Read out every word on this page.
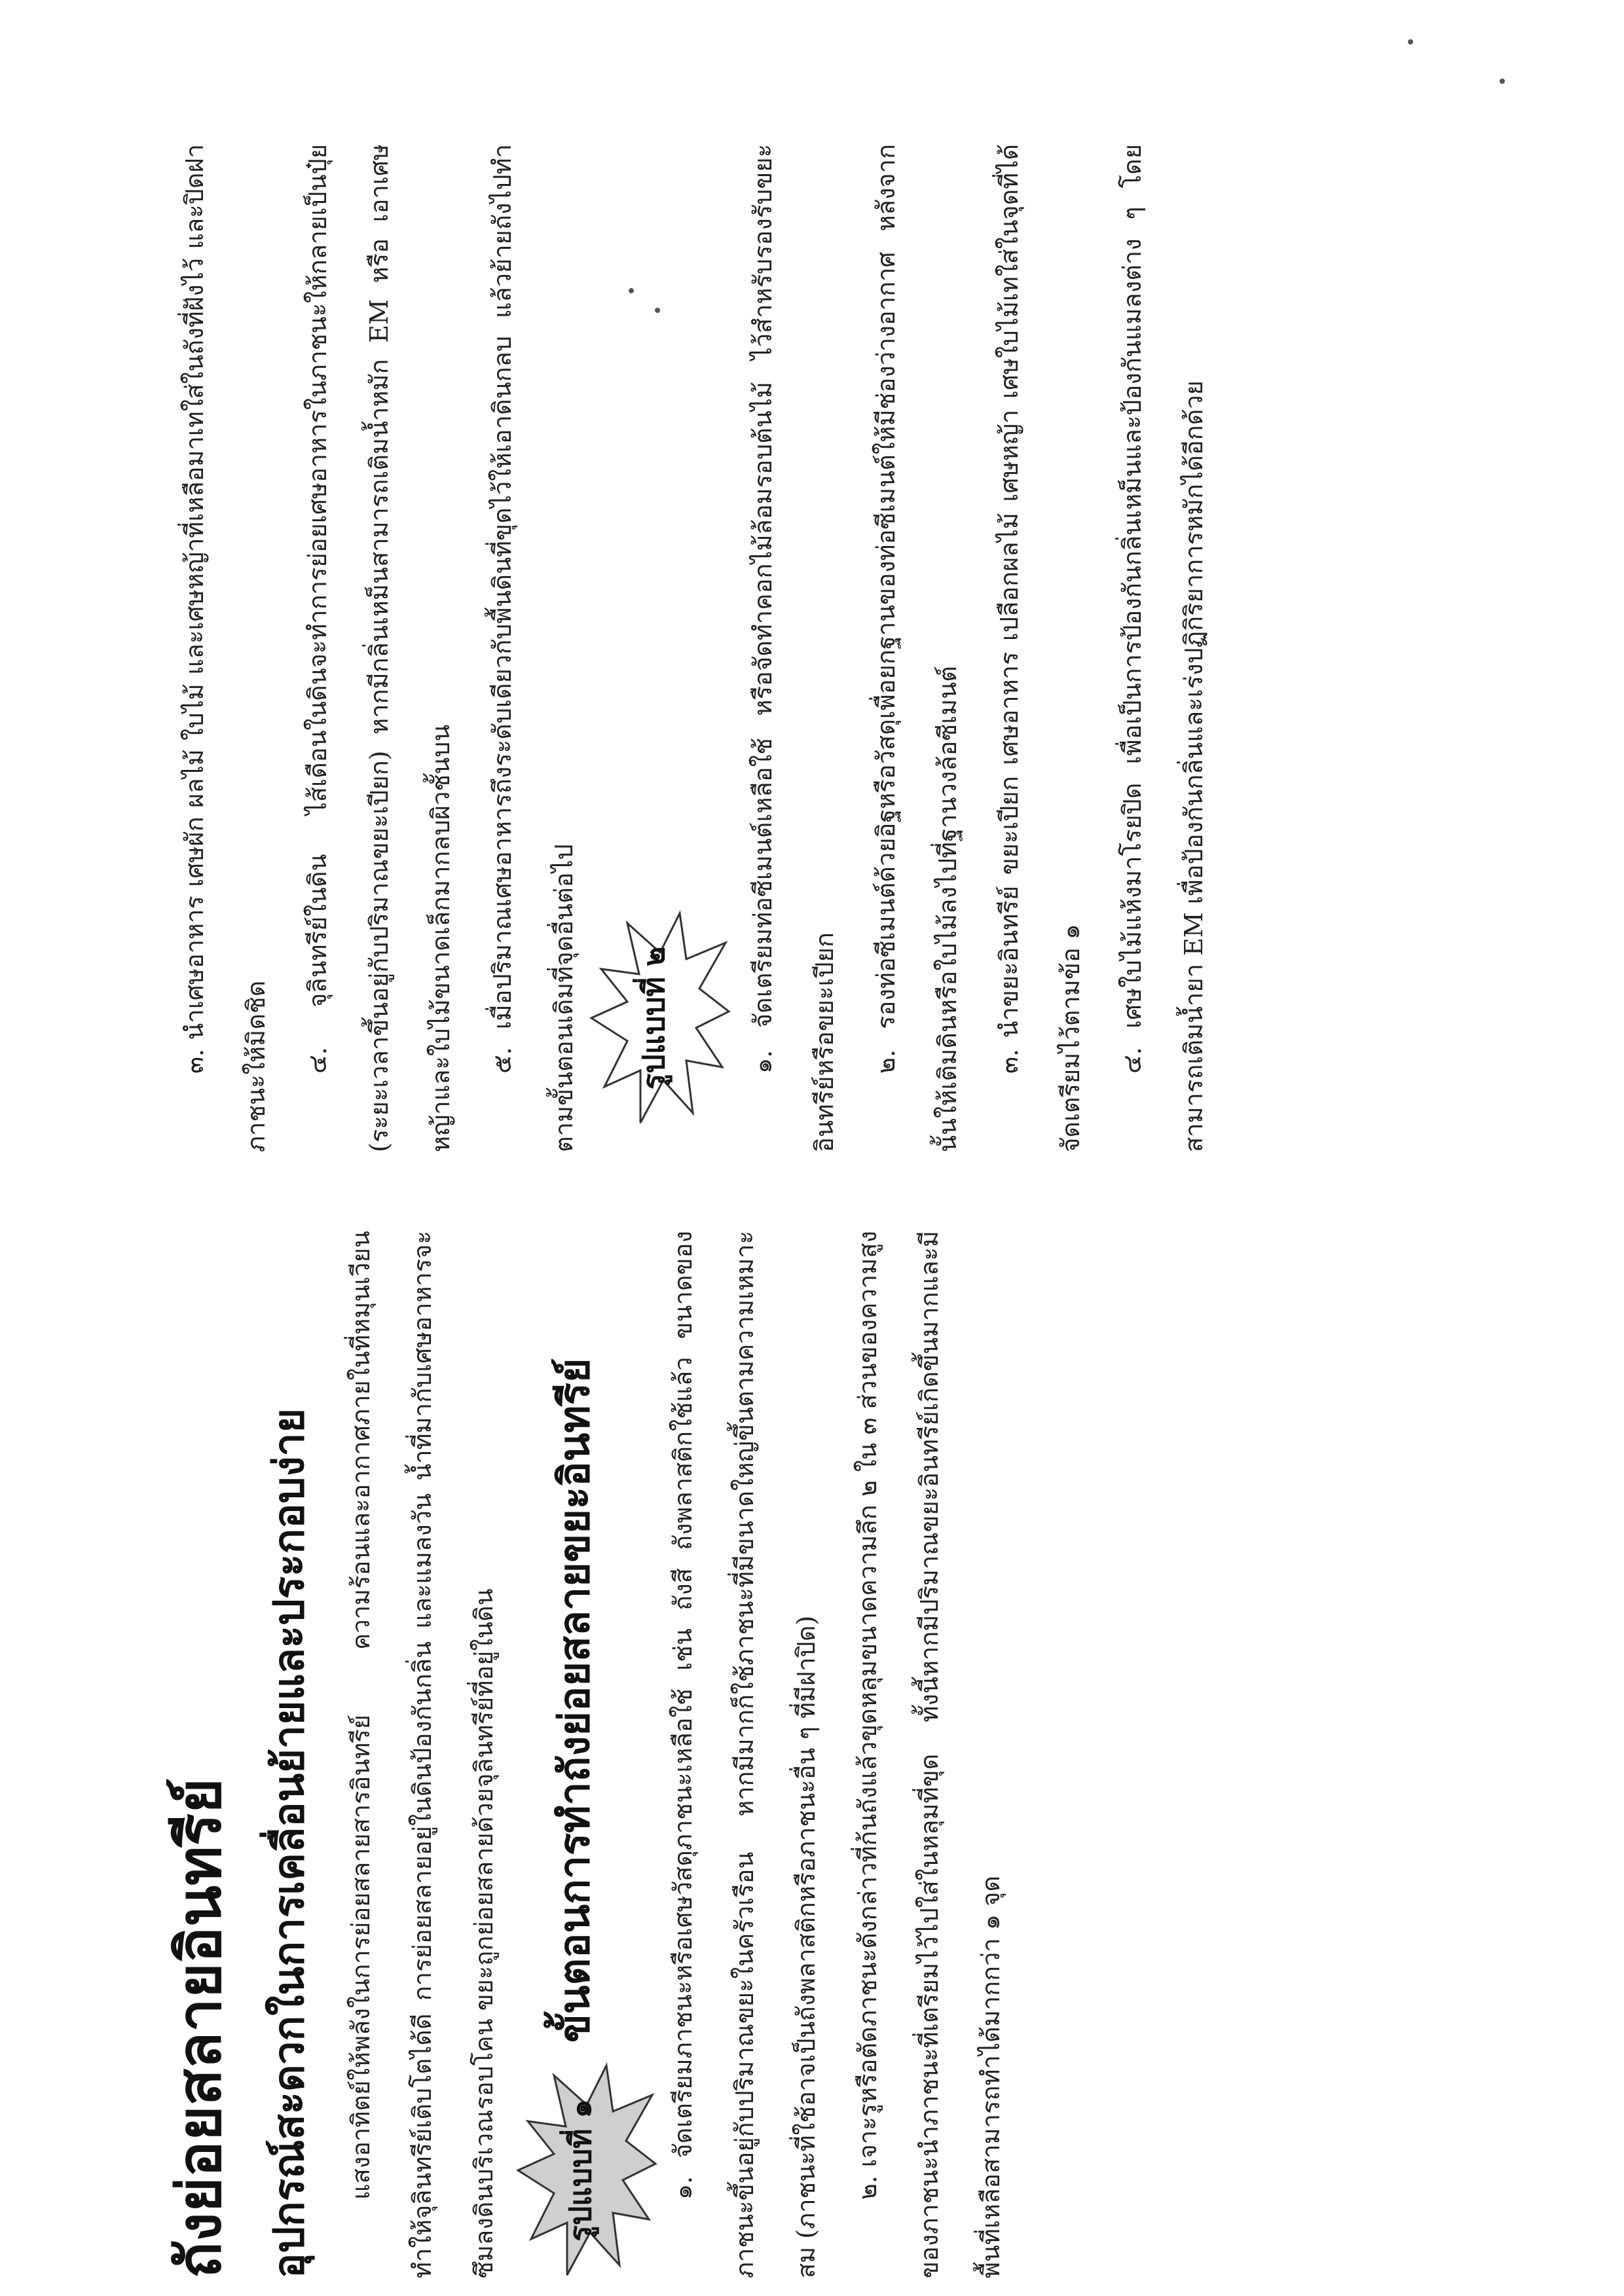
ถังย่อยสลายอินทรีย์ อุปกรณ์สะดวกในการเคลื่อนย้ายและประกอบง่าย	แสงอาทิตย์ให้พลังในการย่อยสลายสารอินทรีย์ ความร้อนและอากาศภายในที่หมุนเวียน ทำให้จุลินทรีย์เติบโตได้ดี การย่อยสลายอยู่ในดินป้องกันกลิ่น และแมลงวัน น้ำที่มากับเศษอาหารจะซึมลงดินบริเวณรอบโคน ขยะถูกย่อยสลายด้วยจุลินทรีย์ที่อยู่ในดิน	รูปแบบที่ ๑
ขั้นตอนการทำถังย่อยสลายขยะอินทรีย์	๑. จัดเตรียมภาชนะหรือเศษวัสดุภาชนะเหลือใช้ เช่น ถังสี ถังพลาสติกใช้แล้ว ขนาดของภาชนะขึ้นอยู่กับปริมาณขยะในครัวเรือน หากมีมากก็ใช้ภาชนะที่มีขนาดใหญ่ขึ้นตามความเหมาะสม (ภาชนะที่ใช้อาจเป็นถังพลาสติกหรือภาชนะอื่น ๆ ที่มีฝาปิด)	๒. เจาะรูหรือตัดภาชนะดังกล่าวที่ก้นถังแล้วขุดหลุมขนาดความลึก ๒ ใน ๓ ส่วนของความสูงของภาชนะนำภาชนะที่เตรียมไว้ไปใส่ในหลุมที่ขุด ทั้งนี้หากมีปริมาณขยะอินทรีย์เกิดขึ้นมากและมีพื้นที่เหลือสามารถทำได้มากกว่า ๑ จุด

๓. นำเศษอาหาร เศษผัก ผลไม้ ใบไม้ และเศษหญ้าที่เหลือมาเทใส่ในถังที่ฝังไว้ และปิดฝาภาชนะให้มิดชิด	๔. จุลินทรีย์ในดิน ไส้เดือนในดินจะทำการย่อยเศษอาหารในภาชนะให้กลายเป็นปุ๋ย (ระยะเวลาขึ้นอยู่กับปริมาณขยะเปียก) หากมีกลิ่นเหม็นสามารถเติมน้ำหมัก EM หรือ เอาเศษหญ้าและใบไม้ขนาดเล็กมากลบผิวชั้นบน	๕. เมื่อปริมาณเศษอาหารถึงระดับเดียวกับพื้นดินที่ขุดไว้ให้เอาดินกลบ แล้วย้ายถังไปทำตามขั้นตอนเดิมที่จุดอื่นต่อไป	รูปแบบที่ ๒	๑. จัดเตรียมท่อซีเมนต์เหลือใช้ หรือจัดทำคอกไม้ล้อมรอบต้นไม้ ไว้สำหรับรองรับขยะอินทรีย์หรือขยะเปียก	๒. รองท่อซีเมนต์ด้วยอิฐหรือวัสดุเพื่อยกฐานของท่อซีเมนต์ให้มีช่องว่างอากาศ หลังจากนั้นให้เติมดินหรือใบไม้ลงไปที่ฐานวงล้อซีเมนต์	๓. นำขยะอินทรีย์ ขยะเปียก เศษอาหาร เปลือกผลไม้ เศษหญ้า เศษใบไม้เทใส่ในจุดที่ได้จัดเตรียมไว้ตามข้อ ๑	๔. เศษใบไม้แห้งมาโรยปิด เพื่อเป็นการป้องกันกลิ่นเหม็นและป้องกันแมลงต่าง ๆ โดยสามารถเติมน้ำยา EM เพื่อป้องกันกลิ่นและเร่งปฏิกิริยาการหมักได้อีกด้วย
